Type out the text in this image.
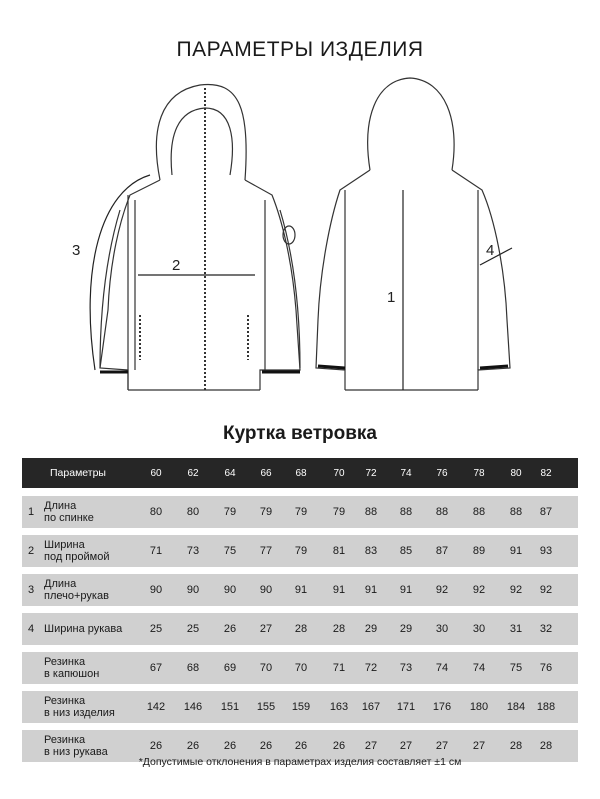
ПАРАМЕТРЫ ИЗДЕЛИЯ
3
2
1
4
Куртка ветровка
Параметры	60	62	64	66	68	70	72	74	76	78	80	82
1 Длина
по спинке	80	80	79	79	79	79	88	88	88	88	88	87
2 Ширина
под проймой	71	73	75	77	79	81	83	85	87	89	91	93
3 Длина
плечо+рукав	90	90	90	90	91	91	91	91	92	92	92	92
4 Ширина рукава	25	25	26	27	28	28	29	29	30	30	31	32
Резинка
в капюшон	67	68	69	70	70	71	72	73	74	74	75	76
Резинка
в низ изделия	142	146	151	155	159	163	167	171	176	180	184	188
Резинка
в низ рукава	26	26	26	26	26	26	27	27	27	27	28	28
*Допустимые отклонения в параметрах изделия составляет ±1 см
